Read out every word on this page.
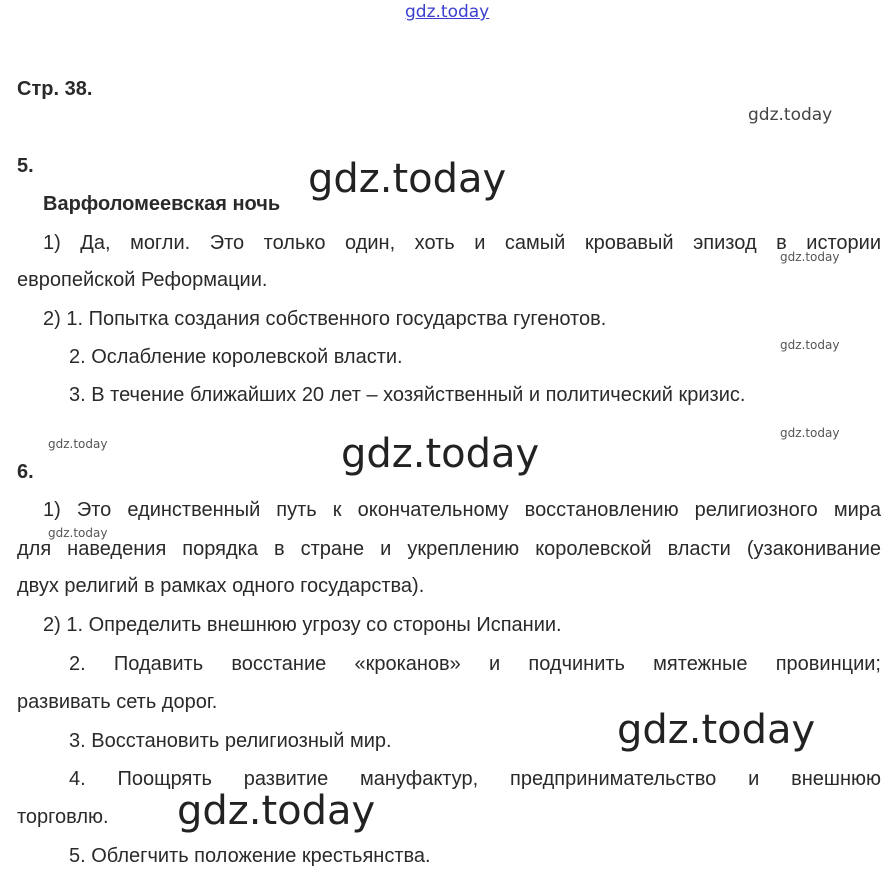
gdz.today
gdz.today
gdz.today
gdz.today
gdz.today
gdz.today
gdz.today	gdz.today
gdz.today
gdz.today
gdz.today
Стр. 38.
5.
Варфоломеевская ночь
1) Да, могли. Это только один, хоть и самый кровавый эпизод в истории
европейской Реформации.
2) 1. Попытка создания собственного государства гугенотов.
2. Ослабление королевской власти.
3. В течение ближайших 20 лет – хозяйственный и политический кризис.
6.
1) Это единственный путь к окончательному восстановлению религиозного мира
для наведения порядка в стране и укреплению королевской власти (узаконивание
двух религий в рамках одного государства).
2) 1. Определить внешнюю угрозу со стороны Испании.
2. Подавить восстание «кроканов» и подчинить мятежные провинции;
развивать сеть дорог.
3. Восстановить религиозный мир.
4. Поощрять развитие мануфактур, предпринимательство и внешнюю
торговлю.
5. Облегчить положение крестьянства.
